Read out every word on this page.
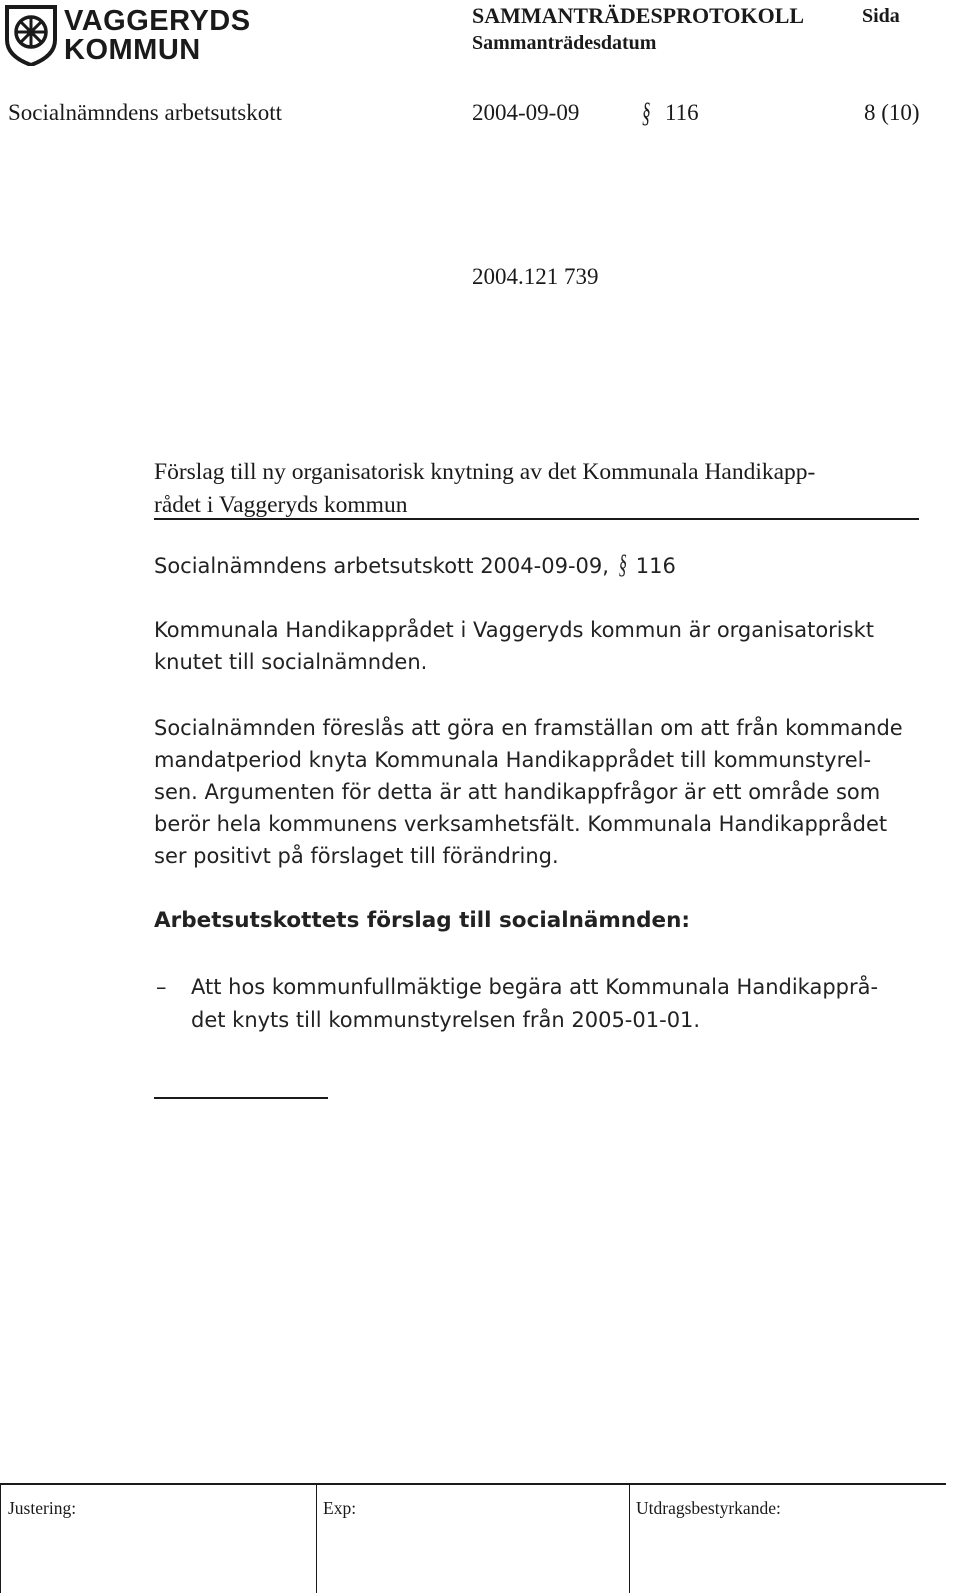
VAGGERYDS
KOMMUN
SAMMANTRÄDESPROTOKOLL	Sida
Sammanträdesdatum
Socialnämndens arbetsutskott	2004-09-09 § 116	8 (10)
2004.121 739
Förslag till ny organisatorisk knytning av det Kommunala Handikapp-
rådet i Vaggeryds kommun
Socialnämndens arbetsutskott 2004-09-09, § 116
Kommunala Handikapprådet i Vaggeryds kommun är organisatoriskt
knutet till socialnämnden.
Socialnämnden föreslås att göra en framställan om att från kommande
mandatperiod knyta Kommunala Handikapprådet till kommunstyrel-
sen. Argumenten för detta är att handikappfrågor är ett område som
berör hela kommunens verksamhetsfält. Kommunala Handikapprådet
ser positivt på förslaget till förändring.
Arbetsutskottets förslag till socialnämnden:
– Att hos kommunfullmäktige begära att Kommunala Handikapprå-
det knyts till kommunstyrelsen från 2005-01-01.
Justering:	Exp:	Utdragsbestyrkande:
